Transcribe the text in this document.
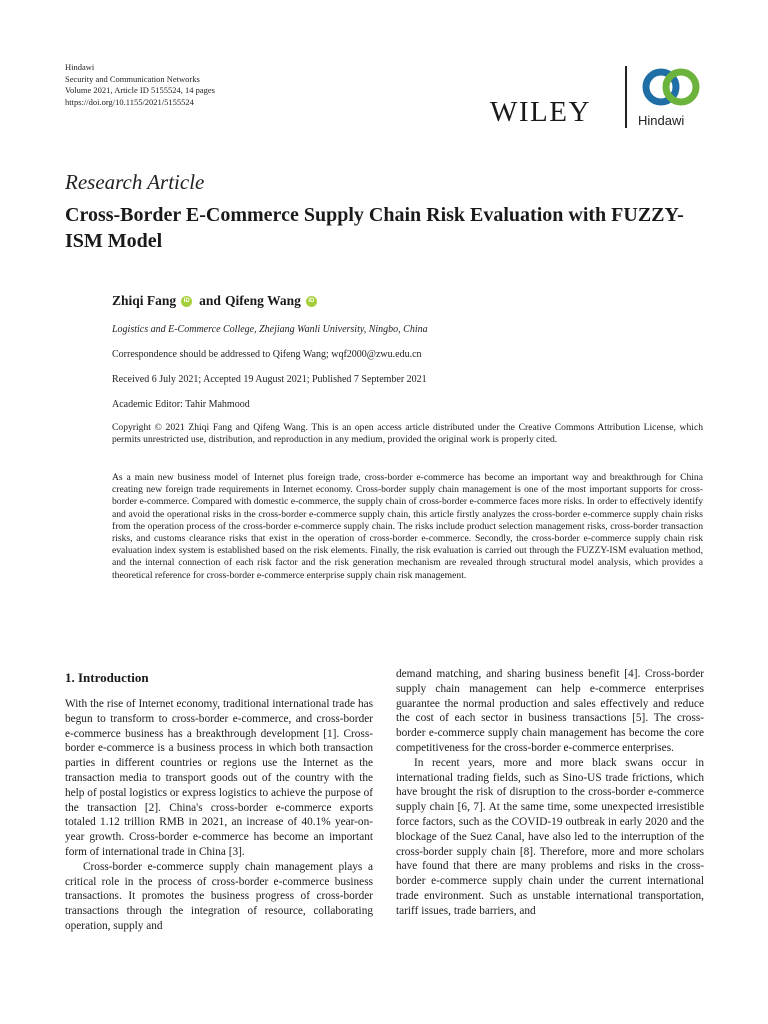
Hindawi
Security and Communication Networks
Volume 2021, Article ID 5155524, 14 pages
https://doi.org/10.1155/2021/5155524	WILEY	Hindawi
Research Article
Cross-Border E-Commerce Supply Chain Risk Evaluation with FUZZY-ISM Model
Zhiqi Fang	iD and Qifeng Wang	iD
Logistics and E-Commerce College, Zhejiang Wanli University, Ningbo, China
Correspondence should be addressed to Qifeng Wang; wqf2000@zwu.edu.cn
Received 6 July 2021; Accepted 19 August 2021; Published 7 September 2021
Academic Editor: Tahir Mahmood
Copyright © 2021 Zhiqi Fang and Qifeng Wang. This is an open access article distributed under the Creative Commons Attribution License, which permits unrestricted use, distribution, and reproduction in any medium, provided the original work is properly cited.
As a main new business model of Internet plus foreign trade, cross-border e-commerce has become an important way and breakthrough for China creating new foreign trade requirements in Internet economy. Cross-border supply chain management is one of the most important supports for cross-border e-commerce. Compared with domestic e-commerce, the supply chain of cross-border e-commerce faces more risks. In order to effectively identify and avoid the operational risks in the cross-border e-commerce supply chain, this article firstly analyzes the cross-border e-commerce supply chain risks from the operation process of the cross-border e-commerce supply chain. The risks include product selection management risks, cross-border transaction risks, and customs clearance risks that exist in the operation of cross-border e-commerce. Secondly, the cross-border e-commerce supply chain risk evaluation index system is established based on the risk elements. Finally, the risk evaluation is carried out through the FUZZY-ISM evaluation method, and the internal connection of each risk factor and the risk generation mechanism are revealed through structural model analysis, which provides a theoretical reference for cross-border e-commerce enterprise supply chain risk management.
1. Introduction

With the rise of Internet economy, traditional international trade has begun to transform to cross-border e-commerce, and cross-border e-commerce business has a breakthrough development [1]. Cross-border e-commerce is a business process in which both transaction parties in different countries or regions use the Internet as the transaction media to transport goods out of the country with the help of postal logistics or express logistics to achieve the purpose of the transaction [2]. China's cross-border e-commerce exports totaled 1.12 trillion RMB in 2021, an increase of 40.1% year-on-year growth. Cross-border e-commerce has become an important form of international trade in China [3].

Cross-border e-commerce supply chain management plays a critical role in the process of cross-border e-commerce business transactions. It promotes the business progress of cross-border transactions through the integration of resource, collaborating operation, supply and

demand matching, and sharing business benefit [4]. Cross-border supply chain management can help e-commerce enterprises guarantee the normal production and sales effectively and reduce the cost of each sector in business transactions [5]. The cross-border e-commerce supply chain management has become the core competitiveness for the cross-border e-commerce enterprises.

In recent years, more and more black swans occur in international trading fields, such as Sino-US trade frictions, which have brought the risk of disruption to the cross-border e-commerce supply chain [6, 7]. At the same time, some unexpected irresistible force factors, such as the COVID-19 outbreak in early 2020 and the blockage of the Suez Canal, have also led to the interruption of the cross-border supply chain [8]. Therefore, more and more scholars have found that there are many problems and risks in the cross-border e-commerce supply chain under the current international trade environment. Such as unstable international transportation, tariff issues, trade barriers, and
